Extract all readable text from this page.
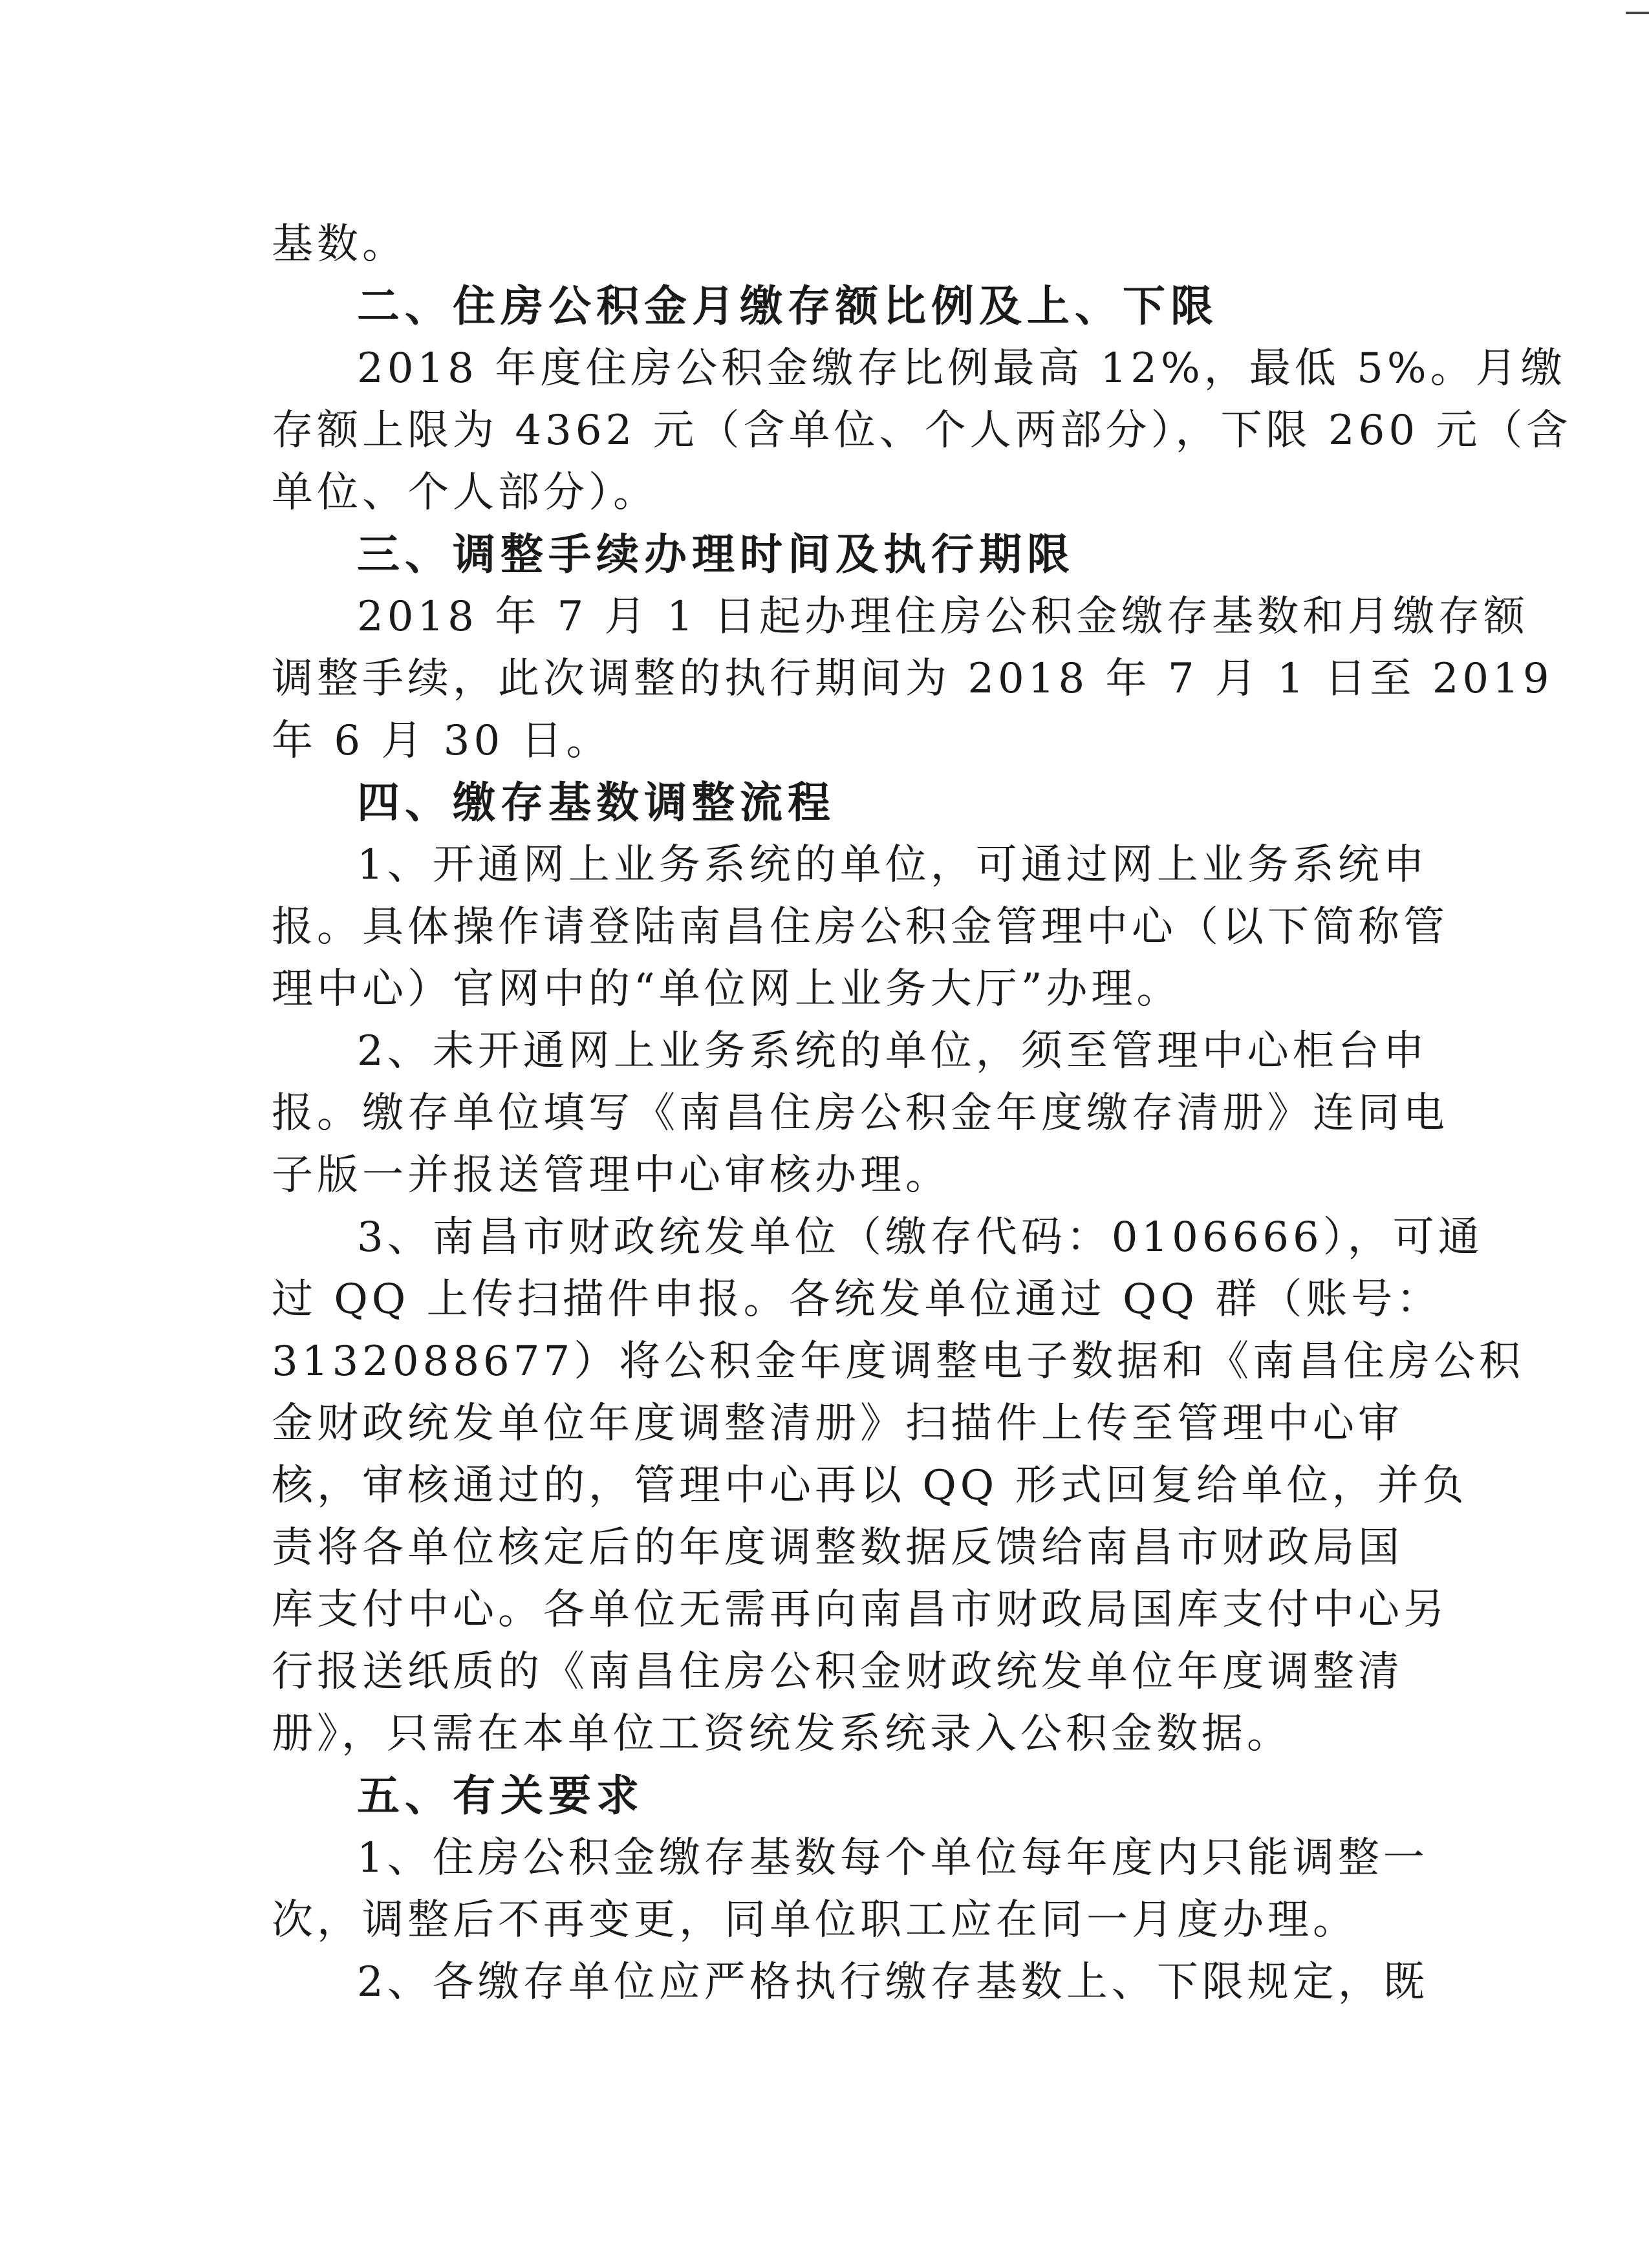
基数。
二、住房公积金月缴存额比例及上、下限
2018 年度住房公积金缴存比例最高 12%，最低 5%。月缴
存额上限为 4362 元（含单位、个人两部分），下限 260 元（含
单位、个人部分）。
三、调整手续办理时间及执行期限
2018 年 7 月 1 日起办理住房公积金缴存基数和月缴存额
调整手续，此次调整的执行期间为 2018 年 7 月 1 日至 2019
年 6 月 30 日。
四、缴存基数调整流程
1、开通网上业务系统的单位，可通过网上业务系统申
报。具体操作请登陆南昌住房公积金管理中心（以下简称管
理中心）官网中的“单位网上业务大厅”办理。
2、未开通网上业务系统的单位，须至管理中心柜台申
报。缴存单位填写《南昌住房公积金年度缴存清册》连同电
子版一并报送管理中心审核办理。
3、南昌市财政统发单位（缴存代码：0106666），可通
过 QQ 上传扫描件申报。各统发单位通过 QQ 群（账号：
3132088677）将公积金年度调整电子数据和《南昌住房公积
金财政统发单位年度调整清册》扫描件上传至管理中心审
核，审核通过的，管理中心再以 QQ 形式回复给单位，并负
责将各单位核定后的年度调整数据反馈给南昌市财政局国
库支付中心。各单位无需再向南昌市财政局国库支付中心另
行报送纸质的《南昌住房公积金财政统发单位年度调整清
册》，只需在本单位工资统发系统录入公积金数据。
五、有关要求
1、住房公积金缴存基数每个单位每年度内只能调整一
次，调整后不再变更，同单位职工应在同一月度办理。
2、各缴存单位应严格执行缴存基数上、下限规定，既
